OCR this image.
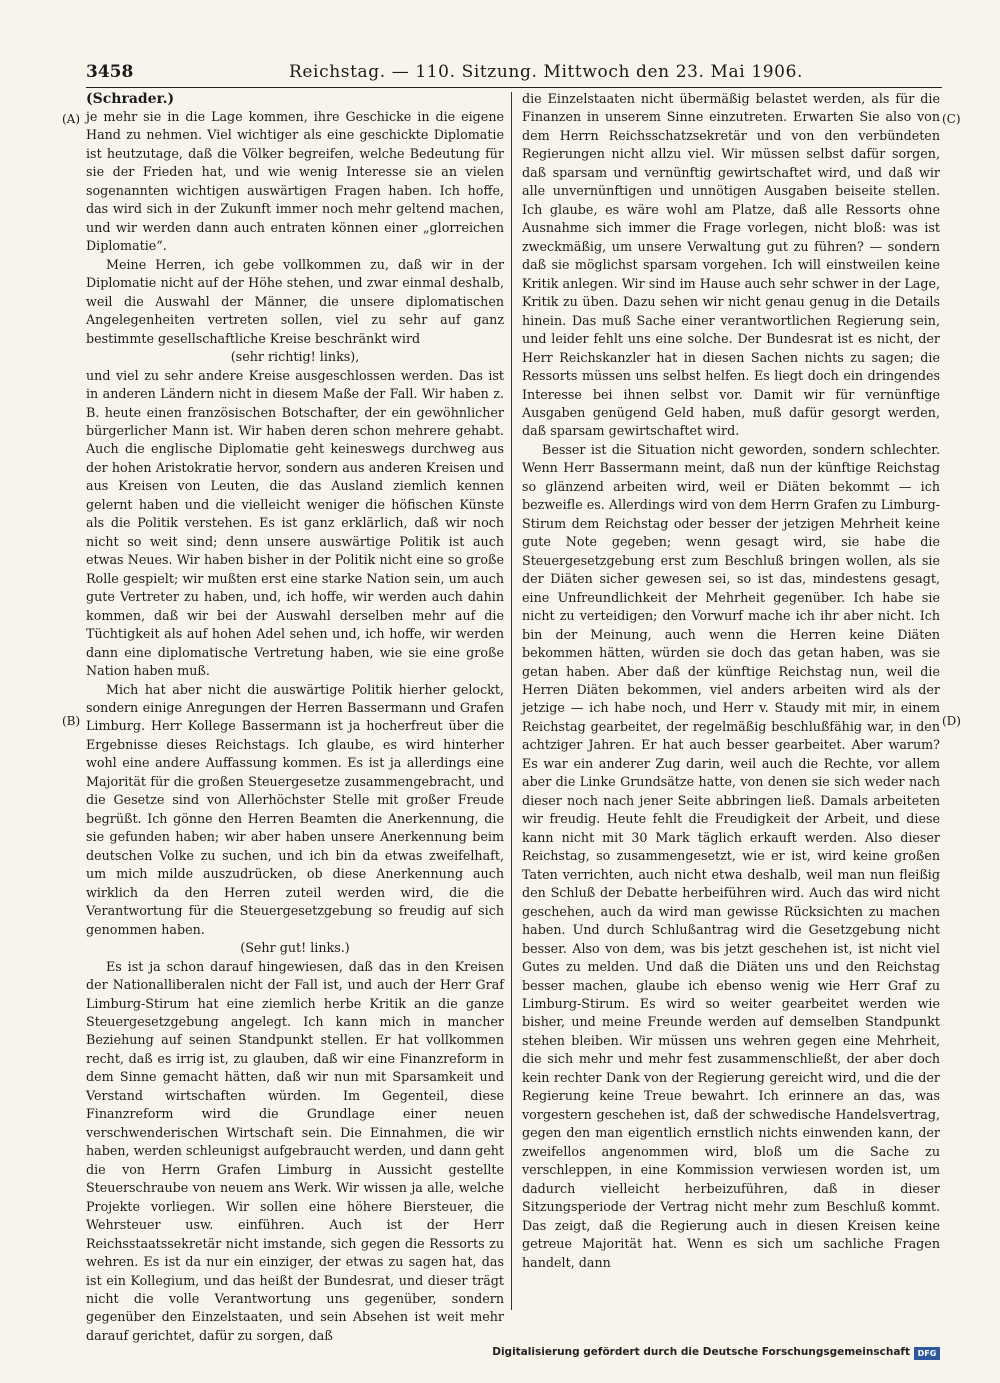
3458	Reichstag. — 110. Sitzung. Mittwoch den 23. Mai 1906.
(Schrader.)
(A)
(B)
(C)
(D)

je mehr sie in die Lage kommen, ihre Geschicke in die eigene Hand zu nehmen. Viel wichtiger als eine geschickte Diplomatie ist heutzutage, daß die Völker begreifen, welche Bedeutung für sie der Frieden hat, und wie wenig Interesse sie an vielen sogenannten wichtigen auswärtigen Fragen haben. Ich hoffe, das wird sich in der Zukunft immer noch mehr geltend machen, und wir werden dann auch entraten können einer „glorreichen Diplomatie“.

Meine Herren, ich gebe vollkommen zu, daß wir in der Diplomatie nicht auf der Höhe stehen, und zwar einmal deshalb, weil die Auswahl der Männer, die unsere diplomatischen Angelegenheiten vertreten sollen, viel zu sehr auf ganz bestimmte gesellschaftliche Kreise beschränkt wird

(sehr richtig! links),

und viel zu sehr andere Kreise ausgeschlossen werden. Das ist in anderen Ländern nicht in diesem Maße der Fall. Wir haben z. B. heute einen französischen Botschafter, der ein gewöhnlicher bürgerlicher Mann ist. Wir haben deren schon mehrere gehabt. Auch die englische Diplomatie geht keineswegs durchweg aus der hohen Aristokratie hervor, sondern aus anderen Kreisen und aus Kreisen von Leuten, die das Ausland ziemlich kennen gelernt haben und die vielleicht weniger die höfischen Künste als die Politik verstehen. Es ist ganz erklärlich, daß wir noch nicht so weit sind; denn unsere auswärtige Politik ist auch etwas Neues. Wir haben bisher in der Politik nicht eine so große Rolle gespielt; wir mußten erst eine starke Nation sein, um auch gute Vertreter zu haben, und, ich hoffe, wir werden auch dahin kommen, daß wir bei der Auswahl derselben mehr auf die Tüchtigkeit als auf hohen Adel sehen und, ich hoffe, wir werden dann eine diplomatische Vertretung haben, wie sie eine große Nation haben muß.

Mich hat aber nicht die auswärtige Politik hierher gelockt, sondern einige Anregungen der Herren Bassermann und Grafen Limburg. Herr Kollege Bassermann ist ja hocherfreut über die Ergebnisse dieses Reichstags. Ich glaube, es wird hinterher wohl eine andere Auffassung kommen. Es ist ja allerdings eine Majorität für die großen Steuergesetze zusammengebracht, und die Gesetze sind von Allerhöchster Stelle mit großer Freude begrüßt. Ich gönne den Herren Beamten die Anerkennung, die sie gefunden haben; wir aber haben unsere Anerkennung beim deutschen Volke zu suchen, und ich bin da etwas zweifelhaft, um mich milde auszudrücken, ob diese Anerkennung auch wirklich da den Herren zuteil werden wird, die die Verantwortung für die Steuergesetzgebung so freudig auf sich genommen haben.

(Sehr gut! links.)

Es ist ja schon darauf hingewiesen, daß das in den Kreisen der Nationalliberalen nicht der Fall ist, und auch der Herr Graf Limburg-Stirum hat eine ziemlich herbe Kritik an die ganze Steuergesetzgebung angelegt. Ich kann mich in mancher Beziehung auf seinen Standpunkt stellen. Er hat vollkommen recht, daß es irrig ist, zu glauben, daß wir eine Finanzreform in dem Sinne gemacht hätten, daß wir nun mit Sparsamkeit und Verstand wirtschaften würden. Im Gegenteil, diese Finanzreform wird die Grundlage einer neuen verschwenderischen Wirtschaft sein. Die Einnahmen, die wir haben, werden schleunigst aufgebraucht werden, und dann geht die von Herrn Grafen Limburg in Aussicht gestellte Steuerschraube von neuem ans Werk. Wir wissen ja alle, welche Projekte vorliegen. Wir sollen eine höhere Biersteuer, die Wehrsteuer usw. einführen. Auch ist der Herr Reichsstaatssekretär nicht imstande, sich gegen die Ressorts zu wehren. Es ist da nur ein einziger, der etwas zu sagen hat, das ist ein Kollegium, und das heißt der Bundesrat, und dieser trägt nicht die volle Verantwortung uns gegenüber, sondern gegenüber den Einzelstaaten, und sein Absehen ist weit mehr darauf gerichtet, dafür zu sorgen, daß

die Einzelstaaten nicht übermäßig belastet werden, als für die Finanzen in unserem Sinne einzutreten. Erwarten Sie also von dem Herrn Reichsschatzsekretär und von den verbündeten Regierungen nicht allzu viel. Wir müssen selbst dafür sorgen, daß sparsam und vernünftig gewirtschaftet wird, und daß wir alle unvernünftigen und unnötigen Ausgaben beiseite stellen. Ich glaube, es wäre wohl am Platze, daß alle Ressorts ohne Ausnahme sich immer die Frage vorlegen, nicht bloß: was ist zweckmäßig, um unsere Verwaltung gut zu führen? — sondern daß sie möglichst sparsam vorgehen. Ich will einstweilen keine Kritik anlegen. Wir sind im Hause auch sehr schwer in der Lage, Kritik zu üben. Dazu sehen wir nicht genau genug in die Details hinein. Das muß Sache einer verantwortlichen Regierung sein, und leider fehlt uns eine solche. Der Bundesrat ist es nicht, der Herr Reichskanzler hat in diesen Sachen nichts zu sagen; die Ressorts müssen uns selbst helfen. Es liegt doch ein dringendes Interesse bei ihnen selbst vor. Damit wir für vernünftige Ausgaben genügend Geld haben, muß dafür gesorgt werden, daß sparsam gewirtschaftet wird.

Besser ist die Situation nicht geworden, sondern schlechter. Wenn Herr Bassermann meint, daß nun der künftige Reichstag so glänzend arbeiten wird, weil er Diäten bekommt — ich bezweifle es. Allerdings wird von dem Herrn Grafen zu Limburg-Stirum dem Reichstag oder besser der jetzigen Mehrheit keine gute Note gegeben; wenn gesagt wird, sie habe die Steuergesetzgebung erst zum Beschluß bringen wollen, als sie der Diäten sicher gewesen sei, so ist das, mindestens gesagt, eine Unfreundlichkeit der Mehrheit gegenüber. Ich habe sie nicht zu verteidigen; den Vorwurf mache ich ihr aber nicht. Ich bin der Meinung, auch wenn die Herren keine Diäten bekommen hätten, würden sie doch das getan haben, was sie getan haben. Aber daß der künftige Reichstag nun, weil die Herren Diäten bekommen, viel anders arbeiten wird als der jetzige — ich habe noch, und Herr v. Staudy mit mir, in einem Reichstag gearbeitet, der regelmäßig beschlußfähig war, in den achtziger Jahren. Er hat auch besser gearbeitet. Aber warum? Es war ein anderer Zug darin, weil auch die Rechte, vor allem aber die Linke Grundsätze hatte, von denen sie sich weder nach dieser noch nach jener Seite abbringen ließ. Damals arbeiteten wir freudig. Heute fehlt die Freudigkeit der Arbeit, und diese kann nicht mit 30 Mark täglich erkauft werden. Also dieser Reichstag, so zusammengesetzt, wie er ist, wird keine großen Taten verrichten, auch nicht etwa deshalb, weil man nun fleißig den Schluß der Debatte herbeiführen wird. Auch das wird nicht geschehen, auch da wird man gewisse Rücksichten zu machen haben. Und durch Schlußantrag wird die Gesetzgebung nicht besser. Also von dem, was bis jetzt geschehen ist, ist nicht viel Gutes zu melden. Und daß die Diäten uns und den Reichstag besser machen, glaube ich ebenso wenig wie Herr Graf zu Limburg-Stirum. Es wird so weiter gearbeitet werden wie bisher, und meine Freunde werden auf demselben Standpunkt stehen bleiben. Wir müssen uns wehren gegen eine Mehrheit, die sich mehr und mehr fest zusammenschließt, der aber doch kein rechter Dank von der Regierung gereicht wird, und die der Regierung keine Treue bewahrt. Ich erinnere an das, was vorgestern geschehen ist, daß der schwedische Handelsvertrag, gegen den man eigentlich ernstlich nichts einwenden kann, der zweifellos angenommen wird, bloß um die Sache zu verschleppen, in eine Kommission verwiesen worden ist, um dadurch vielleicht herbeizuführen, daß in dieser Sitzungsperiode der Vertrag nicht mehr zum Beschluß kommt. Das zeigt, daß die Regierung auch in diesen Kreisen keine getreue Majorität hat. Wenn es sich um sachliche Fragen handelt, dann

Digitalisierung gefördert durch die Deutsche Forschungsgemeinschaft DFG
